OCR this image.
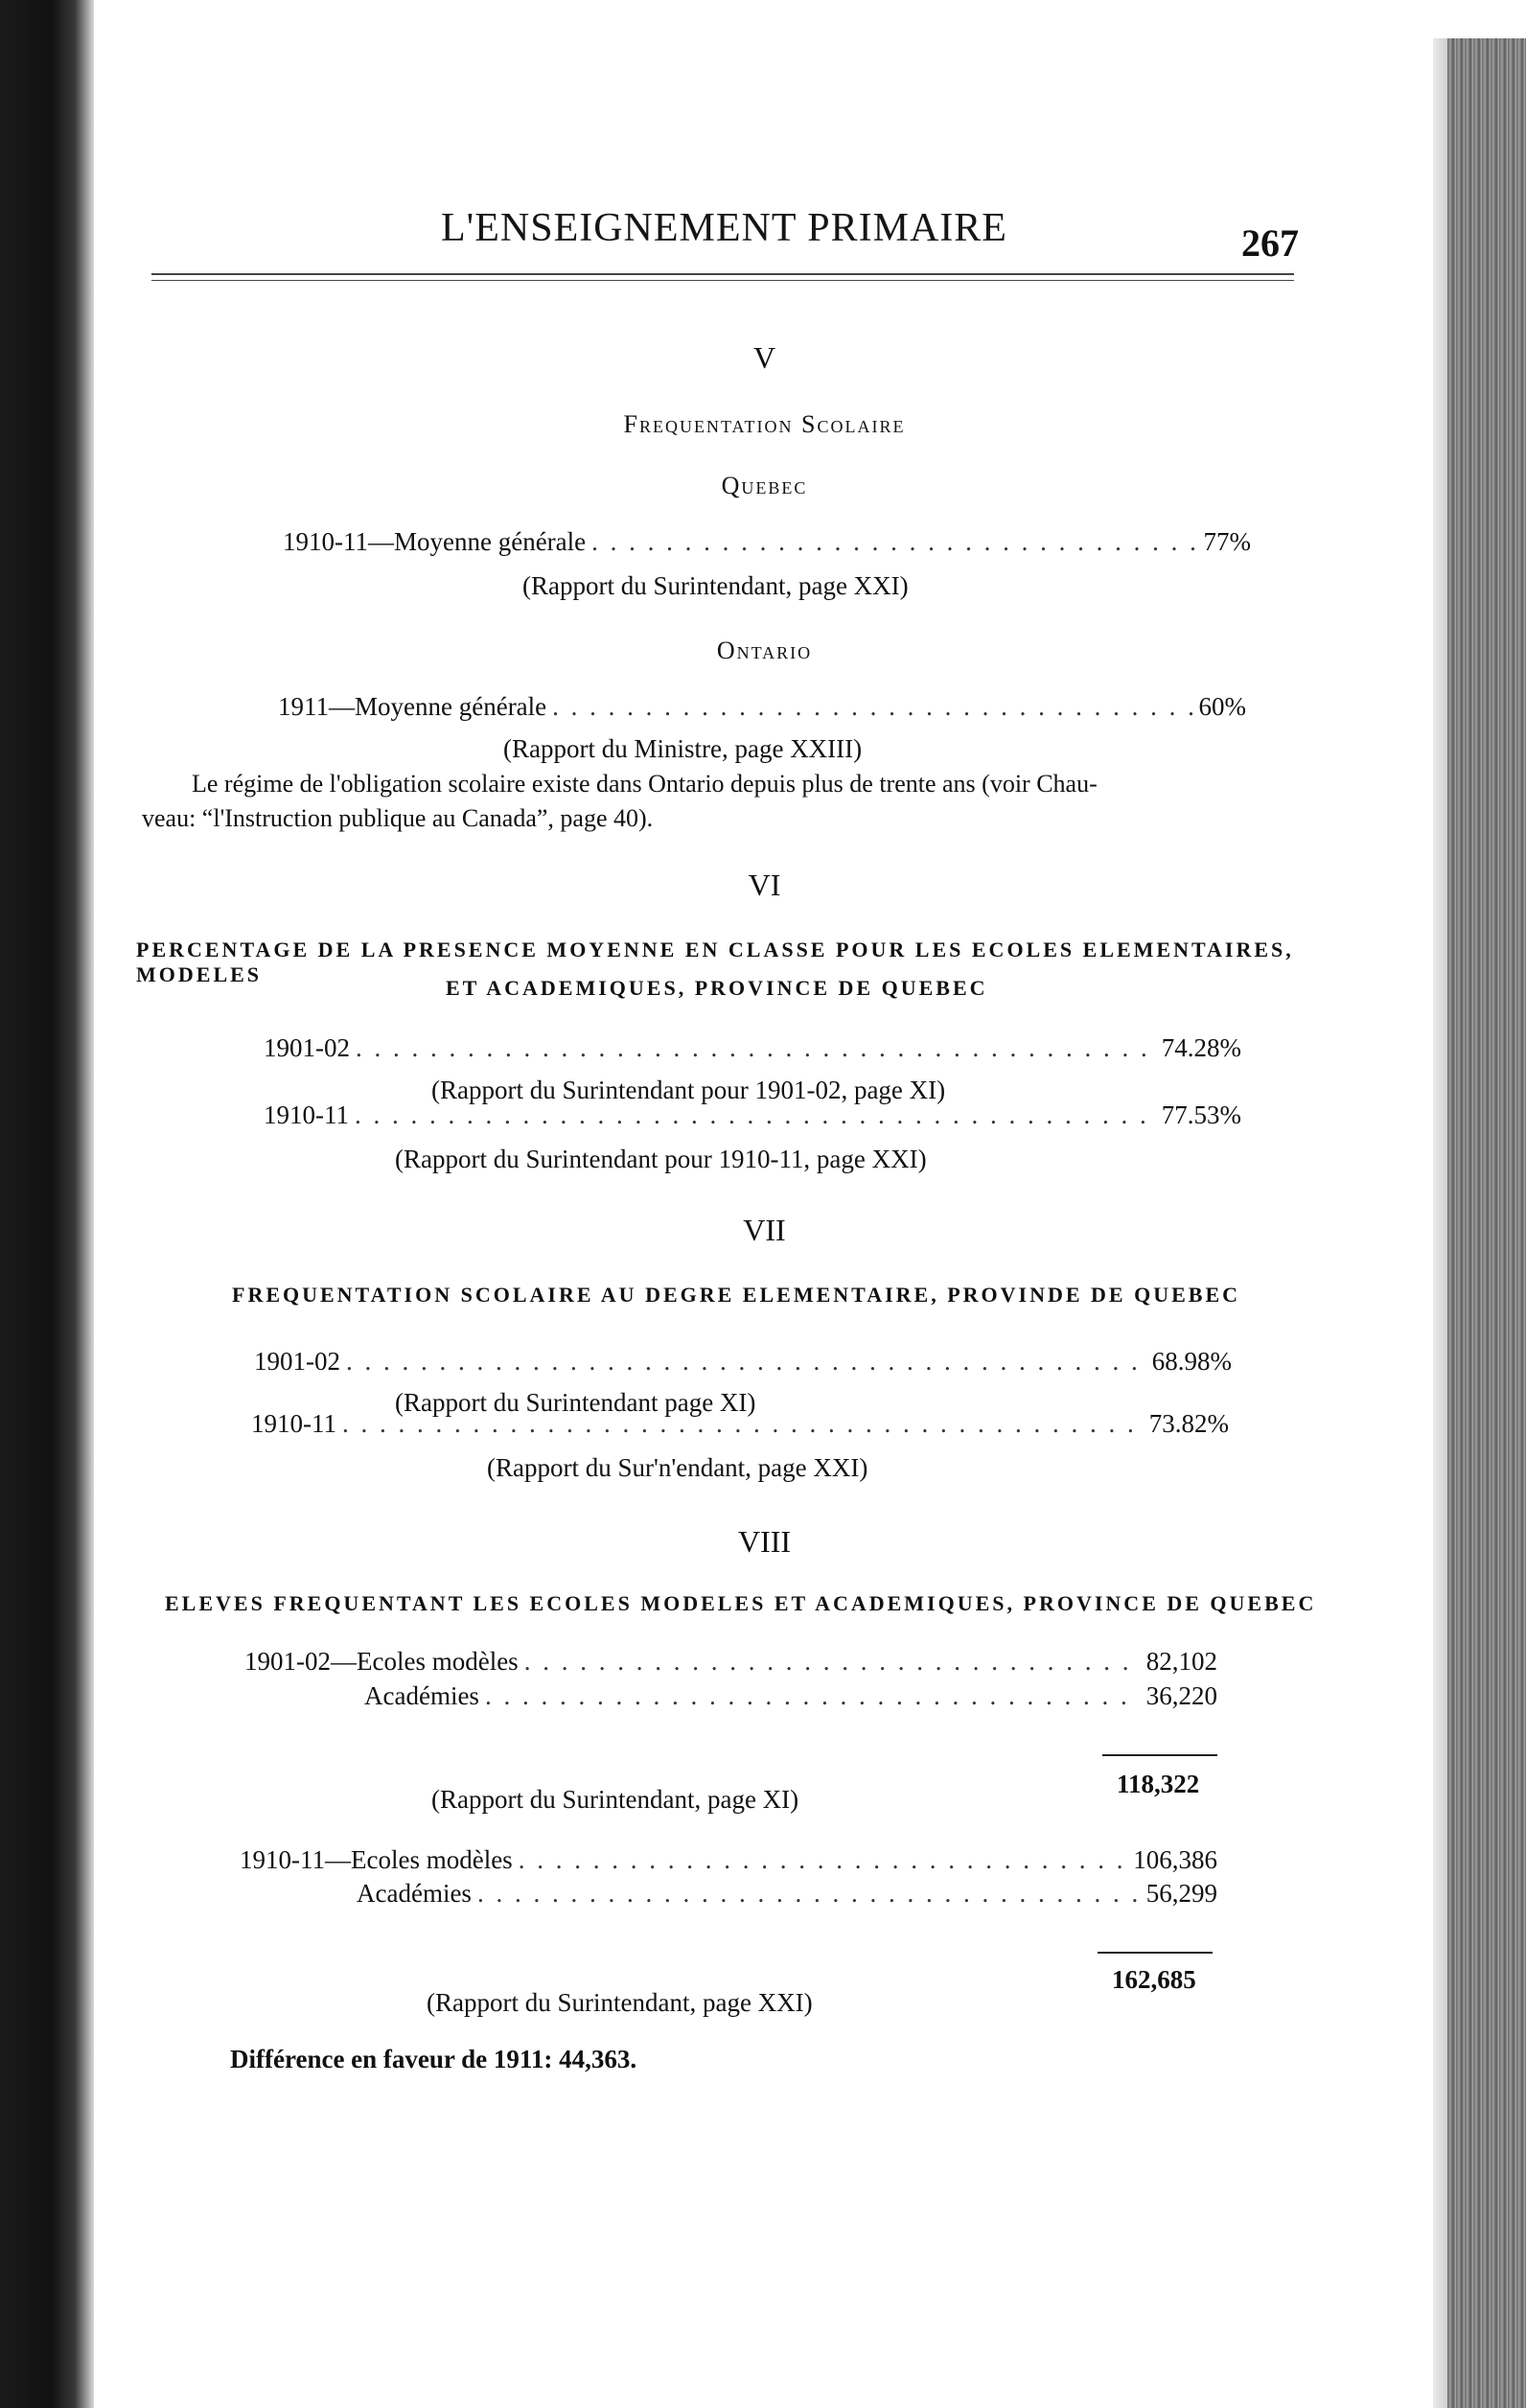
L'ENSEIGNEMENT PRIMAIRE	267
V
Frequentation Scolaire
Quebec
1910-11—Moyenne générale . . .	77%
(Rapport du Surintendant, page XXI)
Ontario
1911—Moyenne générale . . .	60%
(Rapport du Ministre, page XXIII)
Le régime de l'obligation scolaire existe dans Ontario depuis plus de trente ans (voir Chau-
veau: “l'Instruction publique au Canada”, page 40).
VI
PERCENTAGE DE LA PRESENCE MOYENNE EN CLASSE POUR LES ECOLES ELEMENTAIRES, MODELES
ET ACADEMIQUES, PROVINCE DE QUEBEC
1901-02 . . .	74.28%
(Rapport du Surintendant pour 1901-02, page XI)
1910-11 . . .	77.53%
(Rapport du Surintendant pour 1910-11, page XXI)
VII
FREQUENTATION SCOLAIRE AU DEGRE ELEMENTAIRE, PROVINDE DE QUEBEC
1901-02 . . .	68.98%
(Rapport du Surintendant page XI)
1910-11 . . .	73.82%
(Rapport du Sur'n'endant, page XXI)
VIII
ELEVES FREQUENTANT LES ECOLES MODELES ET ACADEMIQUES, PROVINCE DE QUEBEC
1901-02—Ecoles modèles . . .	82,102
Académies . . .	36,220
118,322
(Rapport du Surintendant, page XI)
1910-11—Ecoles modèles . . .	106,386
Académies . . .	56,299
162,685
(Rapport du Surintendant, page XXI)
Différence en faveur de 1911: 44,363.
